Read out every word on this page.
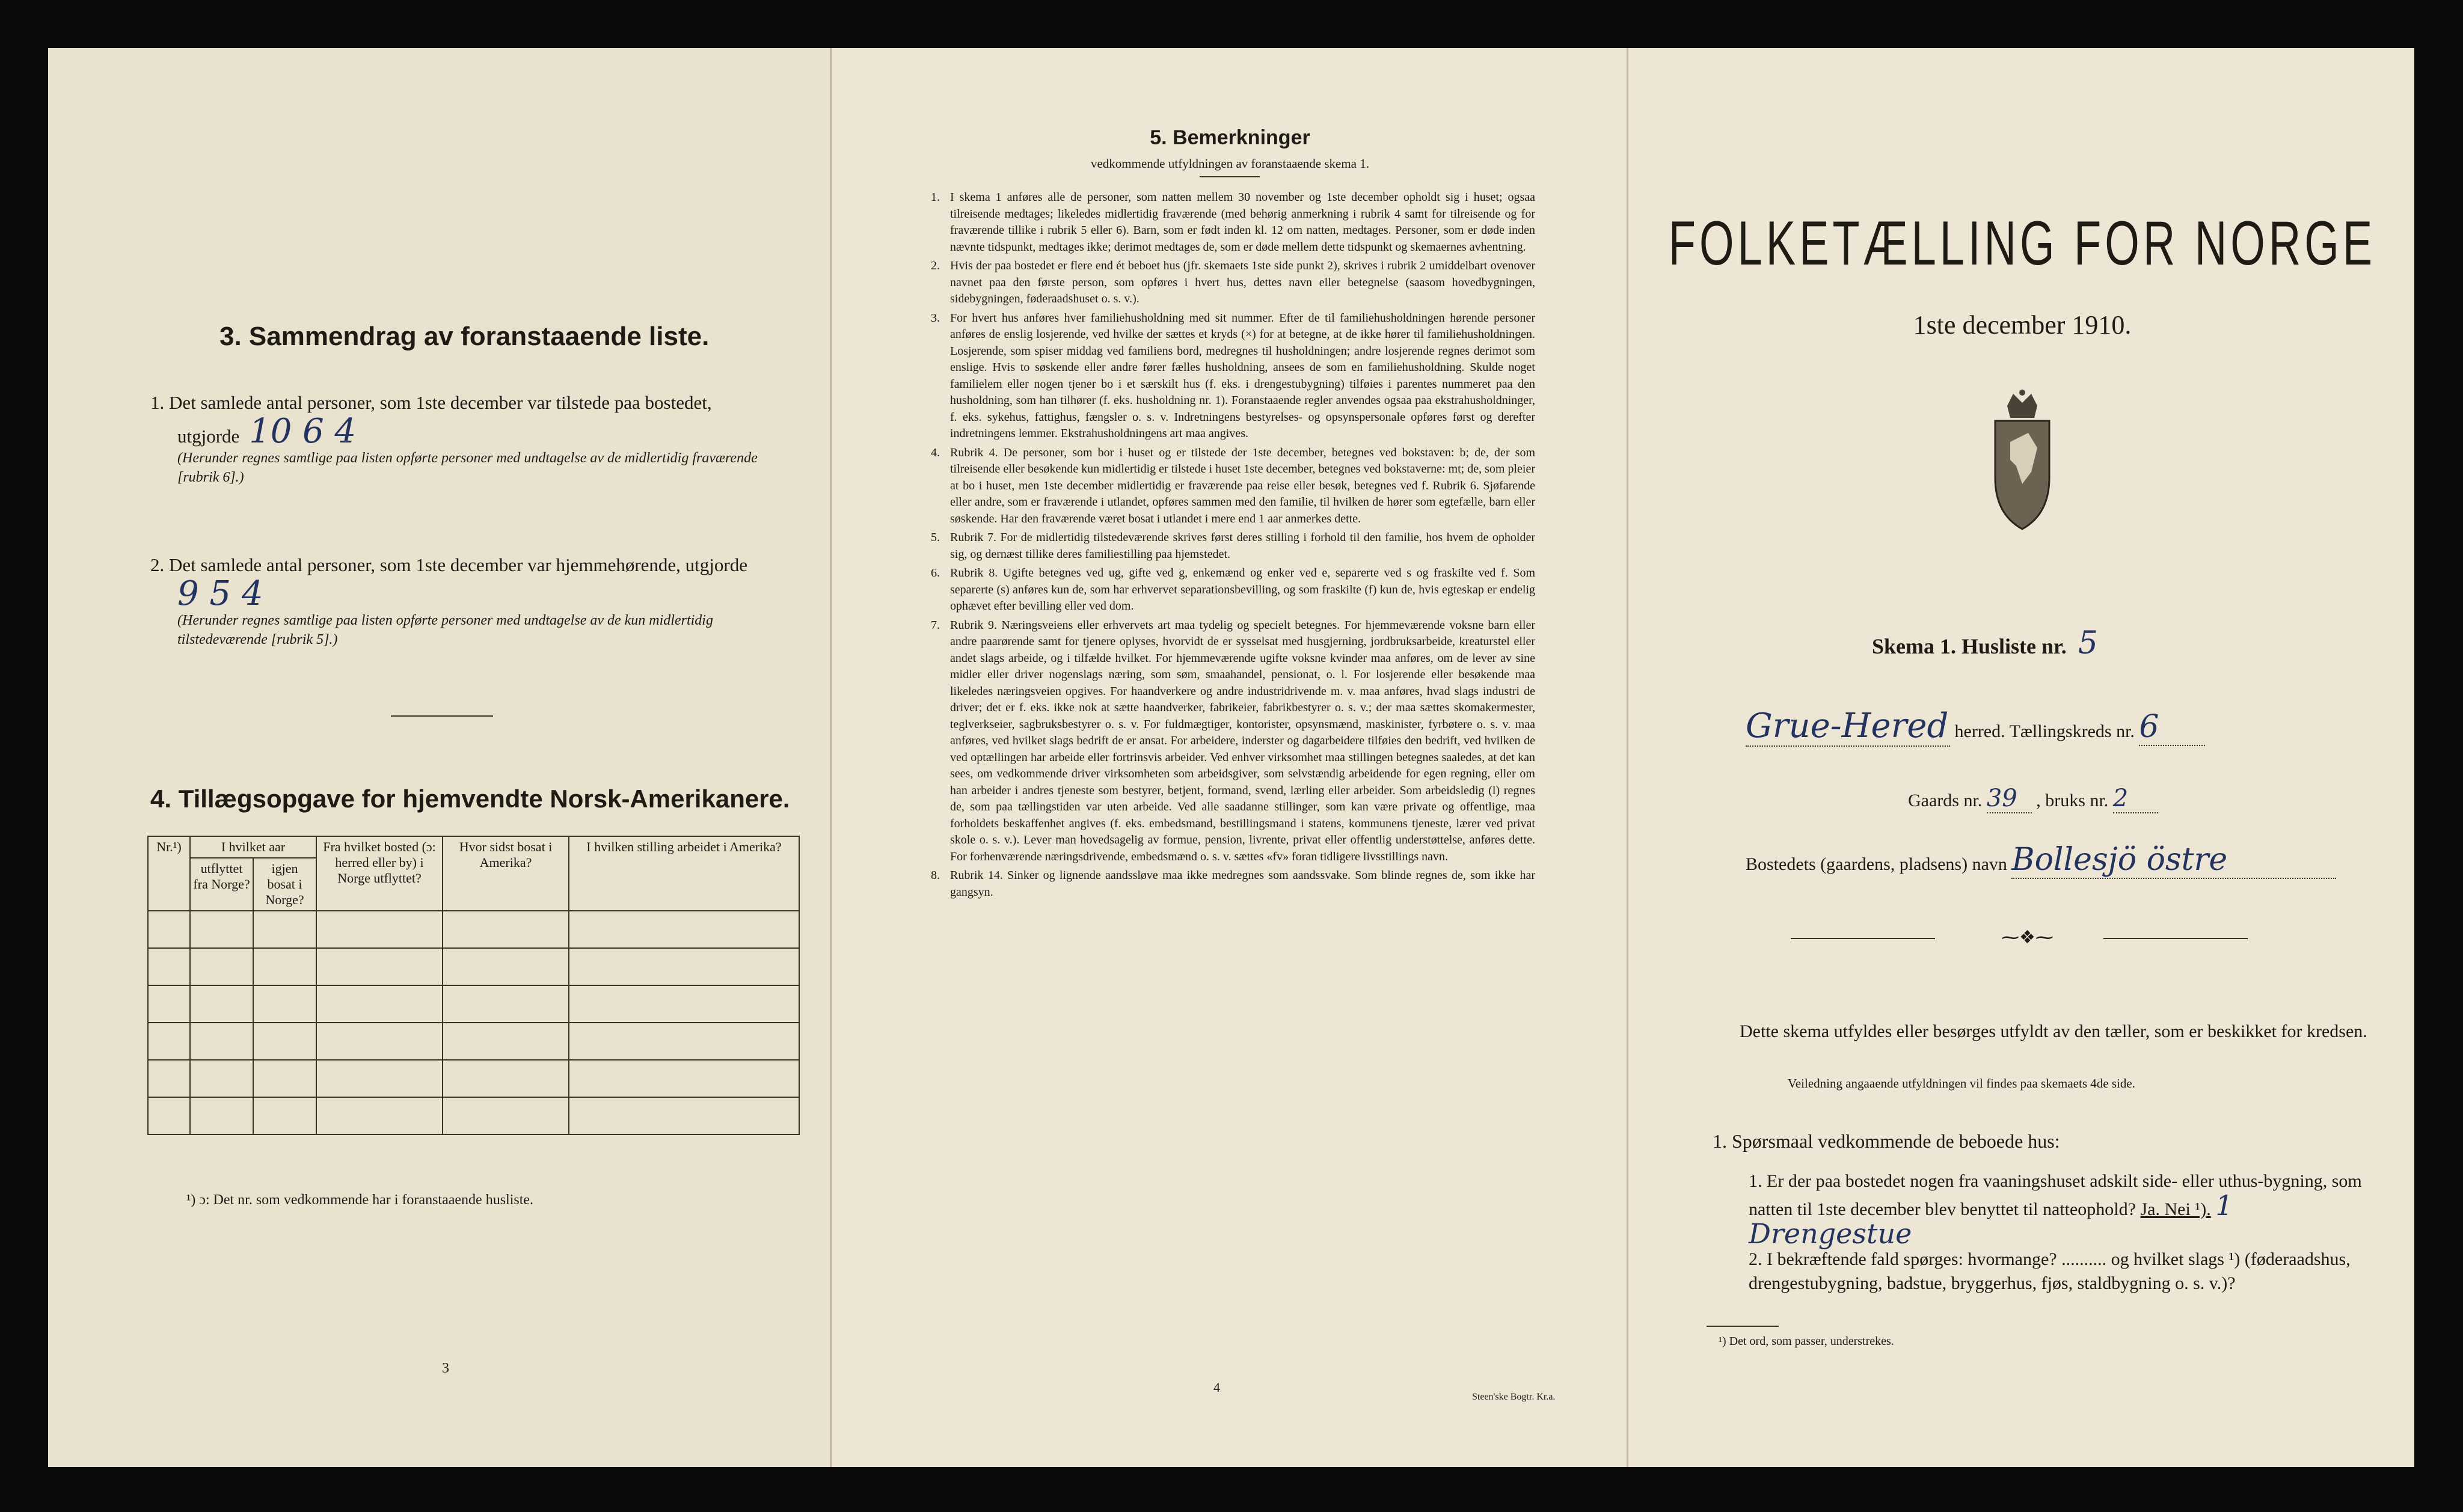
3. Sammendrag av foranstaaende liste.
1. Det samlede antal personer, som 1ste december var tilstede paa bostedet,
utgjorde 10 6 4
(Herunder regnes samtlige paa listen opførte personer med undtagelse av de midlertidig fraværende [rubrik 6].)
2. Det samlede antal personer, som 1ste december var hjemmehørende, utgjorde
9 5 4
(Herunder regnes samtlige paa listen opførte personer med undtagelse av de kun midlertidig tilstedeværende [rubrik 5].)
4. Tillægsopgave for hjemvendte Norsk-Amerikanere.
Nr.¹)	I hvilket aar		Fra hvilket bosted (ɔ: herred eller by) i Norge utflyttet?	Hvor sidst bosat i Amerika?	I hvilken stilling arbeidet i Amerika?
	utflyttet fra Norge?	igjen bosat i Norge?			

¹) ɔ: Det nr. som vedkommende har i foranstaaende husliste.
3
5. Bemerkninger
vedkommende utfyldningen av foranstaaende skema 1.
1. I skema 1 anføres alle de personer, som natten mellem 30 november og 1ste december opholdt sig i huset; ogsaa tilreisende medtages; likeledes midlertidig fraværende (med behørig anmerkning i rubrik 4 samt for tilreisende og for fraværende tillike i rubrik 5 eller 6). Barn, som er født inden kl. 12 om natten, medtages. Personer, som er døde inden nævnte tidspunkt, medtages ikke; derimot medtages de, som er døde mellem dette tidspunkt og skemaernes avhentning.
2. Hvis der paa bostedet er flere end ét beboet hus (jfr. skemaets 1ste side punkt 2), skrives i rubrik 2 umiddelbart ovenover navnet paa den første person, som opføres i hvert hus, dettes navn eller betegnelse (saasom hovedbygningen, sidebygningen, føderaadshuset o. s. v.).
3. For hvert hus anføres hver familiehusholdning med sit nummer. Efter de til familiehusholdningen hørende personer anføres de enslig losjerende, ved hvilke der sættes et kryds (×) for at betegne, at de ikke hører til familiehusholdningen. Losjerende, som spiser middag ved familiens bord, medregnes til husholdningen; andre losjerende regnes derimot som enslige. Hvis to søskende eller andre fører fælles husholdning, ansees de som en familiehusholdning. Skulde noget familielem eller nogen tjener bo i et særskilt hus (f. eks. i drengestubygning) tilføies i parentes nummeret paa den husholdning, som han tilhører (f. eks. husholdning nr. 1). Foranstaaende regler anvendes ogsaa paa ekstrahusholdninger, f. eks. sykehus, fattighus, fængsler o. s. v. Indretningens bestyrelses- og opsynspersonale opføres først og derefter indretningens lemmer. Ekstrahusholdningens art maa angives.
4. Rubrik 4. De personer, som bor i huset og er tilstede der 1ste december, betegnes ved bokstaven: b; de, der som tilreisende eller besøkende kun midlertidig er tilstede i huset 1ste december, betegnes ved bokstaverne: mt; de, som pleier at bo i huset, men 1ste december midlertidig er fraværende paa reise eller besøk, betegnes ved f. Rubrik 6. Sjøfarende eller andre, som er fraværende i utlandet, opføres sammen med den familie, til hvilken de hører som egtefælle, barn eller søskende. Har den fraværende været bosat i utlandet i mere end 1 aar anmerkes dette.
5. Rubrik 7. For de midlertidig tilstedeværende skrives først deres stilling i forhold til den familie, hos hvem de opholder sig, og dernæst tillike deres familiestilling paa hjemstedet.
6. Rubrik 8. Ugifte betegnes ved ug, gifte ved g, enkemænd og enker ved e, separerte ved s og fraskilte ved f. Som separerte (s) anføres kun de, som har erhvervet separationsbevilling, og som fraskilte (f) kun de, hvis egteskap er endelig ophævet efter bevilling eller ved dom.
7. Rubrik 9. Næringsveiens eller erhvervets art maa tydelig og specielt betegnes. For hjemmeværende voksne barn eller andre paarørende samt for tjenere oplyses, hvorvidt de er sysselsat med husgjerning, jordbruksarbeide, kreaturstel eller andet slags arbeide, og i tilfælde hvilket. For hjemmeværende ugifte voksne kvinder maa anføres, om de lever av sine midler eller driver nogenslags næring, som søm, smaahandel, pensionat, o. l. For losjerende eller besøkende maa likeledes næringsveien opgives. For haandverkere og andre industridrivende m. v. maa anføres, hvad slags industri de driver; det er f. eks. ikke nok at sætte haandverker, fabrikeier, fabrikbestyrer o. s. v.; der maa sættes skomakermester, teglverkseier, sagbruksbestyrer o. s. v. For fuldmægtiger, kontorister, opsynsmænd, maskinister, fyrbøtere o. s. v. maa anføres, ved hvilket slags bedrift de er ansat. For arbeidere, inderster og dagarbeidere tilføies den bedrift, ved hvilken de ved optællingen har arbeide eller fortrinsvis arbeider. Ved enhver virksomhet maa stillingen betegnes saaledes, at det kan sees, om vedkommende driver virksomheten som arbeidsgiver, som selvstændig arbeidende for egen regning, eller om han arbeider i andres tjeneste som bestyrer, betjent, formand, svend, lærling eller arbeider. Som arbeidsledig (l) regnes de, som paa tællingstiden var uten arbeide. Ved alle saadanne stillinger, som kan være private og offentlige, maa forholdets beskaffenhet angives (f. eks. embedsmand, bestillingsmand i statens, kommunens tjeneste, lærer ved privat skole o. s. v.). Lever man hovedsagelig av formue, pension, livrente, privat eller offentlig understøttelse, anføres dette. For forhenværende næringsdrivende, embedsmænd o. s. v. sættes «fv» foran tidligere livsstillings navn.
8. Rubrik 14. Sinker og lignende aandssløve maa ikke medregnes som aandssvake. Som blinde regnes de, som ikke har gangsyn.
4
Steen'ske Bogtr. Kr.a.
FOLKETÆLLING FOR NORGE
1ste december 1910.
Skema 1. Husliste nr. 5
Grue-Hered herred. Tællingskreds nr. 6
Gaards nr. 39 , bruks nr. 2
Bostedets (gaardens, pladsens) navn Bollesjö östre
⁓❖⁓
Dette skema utfyldes eller besørges utfyldt av den tæller, som er beskikket for kredsen.
Veiledning angaaende utfyldningen vil findes paa skemaets 4de side.
1. Spørsmaal vedkommende de beboede hus:
1. Er der paa bostedet nogen fra vaaningshuset adskilt side- eller uthus-bygning, som natten til 1ste december blev benyttet til natteophold? Ja. Nei ¹). 1 Drengestue
2. I bekræftende fald spørges: hvormange? .......... og hvilket slags ¹) (føderaadshus, drengestubygning, badstue, bryggerhus, fjøs, staldbygning o. s. v.)?
¹) Det ord, som passer, understrekes.
